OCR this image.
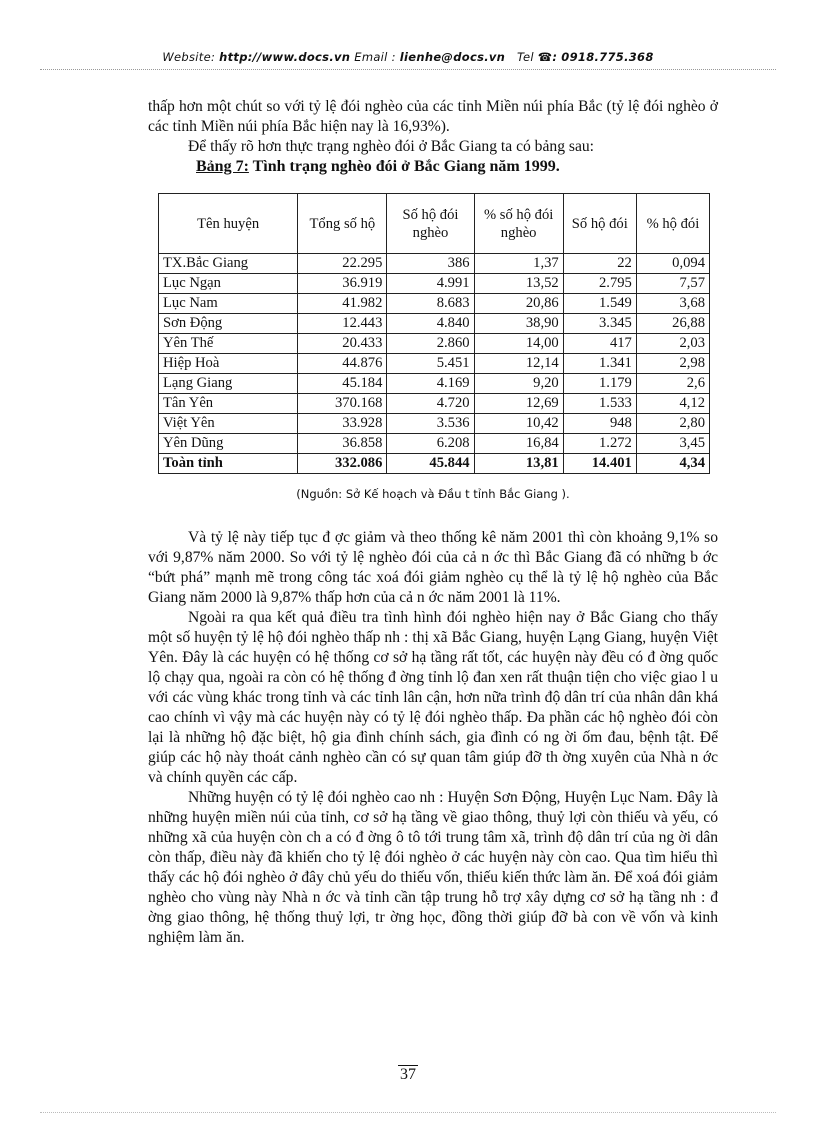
Website: http://www.docs.vn Email : lienhe@docs.vn Tel ☎: 0918.775.368

thấp hơn một chút so với tỷ lệ đói nghèo của các tỉnh Miền núi phía Bắc (tỷ lệ đói nghèo ở các tỉnh Miền núi phía Bắc hiện nay là 16,93%).

Để thấy rõ hơn thực trạng nghèo đói ở Bắc Giang ta có bảng sau:

Bảng 7: Tình trạng nghèo đói ở Bắc Giang năm 1999.
Tên huyện	Tổng số hộ	Số hộ đói nghèo	% số hộ đói nghèo	Số hộ đói	% hộ đói
TX.Bắc Giang	22.295	386	1,37	22	0,094
Lục Ngạn	36.919	4.991	13,52	2.795	7,57
Lục Nam	41.982	8.683	20,86	1.549	3,68
Sơn Động	12.443	4.840	38,90	3.345	26,88
Yên Thế	20.433	2.860	14,00	417	2,03
Hiệp Hoà	44.876	5.451	12,14	1.341	2,98
Lạng Giang	45.184	4.169	9,20	1.179	2,6
Tân Yên	370.168	4.720	12,69	1.533	4,12
Việt Yên	33.928	3.536	10,42	948	2,80
Yên Dũng	36.858	6.208	16,84	1.272	3,45
Toàn tỉnh	332.086	45.844	13,81	14.401	4,34
(Nguồn: Sở Kế hoạch và Đầu t tỉnh Bắc Giang ).

Và tỷ lệ này tiếp tục đ ợc giảm và theo thống kê năm 2001 thì còn khoảng 9,1% so với 9,87% năm 2000. So với tỷ lệ nghèo đói của cả n ớc thì Bắc Giang đã có những b ớc “bứt phá” mạnh mẽ trong công tác xoá đói giảm nghèo cụ thể là tỷ lệ hộ nghèo của Bắc Giang năm 2000 là 9,87% thấp hơn của cả n ớc năm 2001 là 11%.

Ngoài ra qua kết quả điều tra tình hình đói nghèo hiện nay ở Bắc Giang cho thấy một số huyện tỷ lệ hộ đói nghèo thấp nh : thị xã Bắc Giang, huyện Lạng Giang, huyện Việt Yên. Đây là các huyện có hệ thống cơ sở hạ tầng rất tốt, các huyện này đều có đ ờng quốc lộ chạy qua, ngoài ra còn có hệ thống đ ờng tỉnh lộ đan xen rất thuận tiện cho việc giao l u với các vùng khác trong tỉnh và các tỉnh lân cận, hơn nữa trình độ dân trí của nhân dân khá cao chính vì vậy mà các huyện này có tỷ lệ đói nghèo thấp. Đa phần các hộ nghèo đói còn lại là những hộ đặc biệt, hộ gia đình chính sách, gia đình có ng ời ốm đau, bệnh tật. Để giúp các hộ này thoát cảnh nghèo cần có sự quan tâm giúp đỡ th ờng xuyên của Nhà n ớc và chính quyền các cấp.

Những huyện có tỷ lệ đói nghèo cao nh : Huyện Sơn Động, Huyện Lục Nam. Đây là những huyện miền núi của tỉnh, cơ sở hạ tầng về giao thông, thuỷ lợi còn thiếu và yếu, có những xã của huyện còn ch a có đ ờng ô tô tới trung tâm xã, trình độ dân trí của ng ời dân còn thấp, điều này đã khiến cho tỷ lệ đói nghèo ở các huyện này còn cao. Qua tìm hiểu thì thấy các hộ đói nghèo ở đây chủ yếu do thiếu vốn, thiếu kiến thức làm ăn. Để xoá đói giảm nghèo cho vùng này Nhà n ớc và tỉnh cần tập trung hỗ trợ xây dựng cơ sở hạ tầng nh : đ ờng giao thông, hệ thống thuỷ lợi, tr ờng học, đồng thời giúp đỡ bà con về vốn và kinh nghiệm làm ăn.

37
